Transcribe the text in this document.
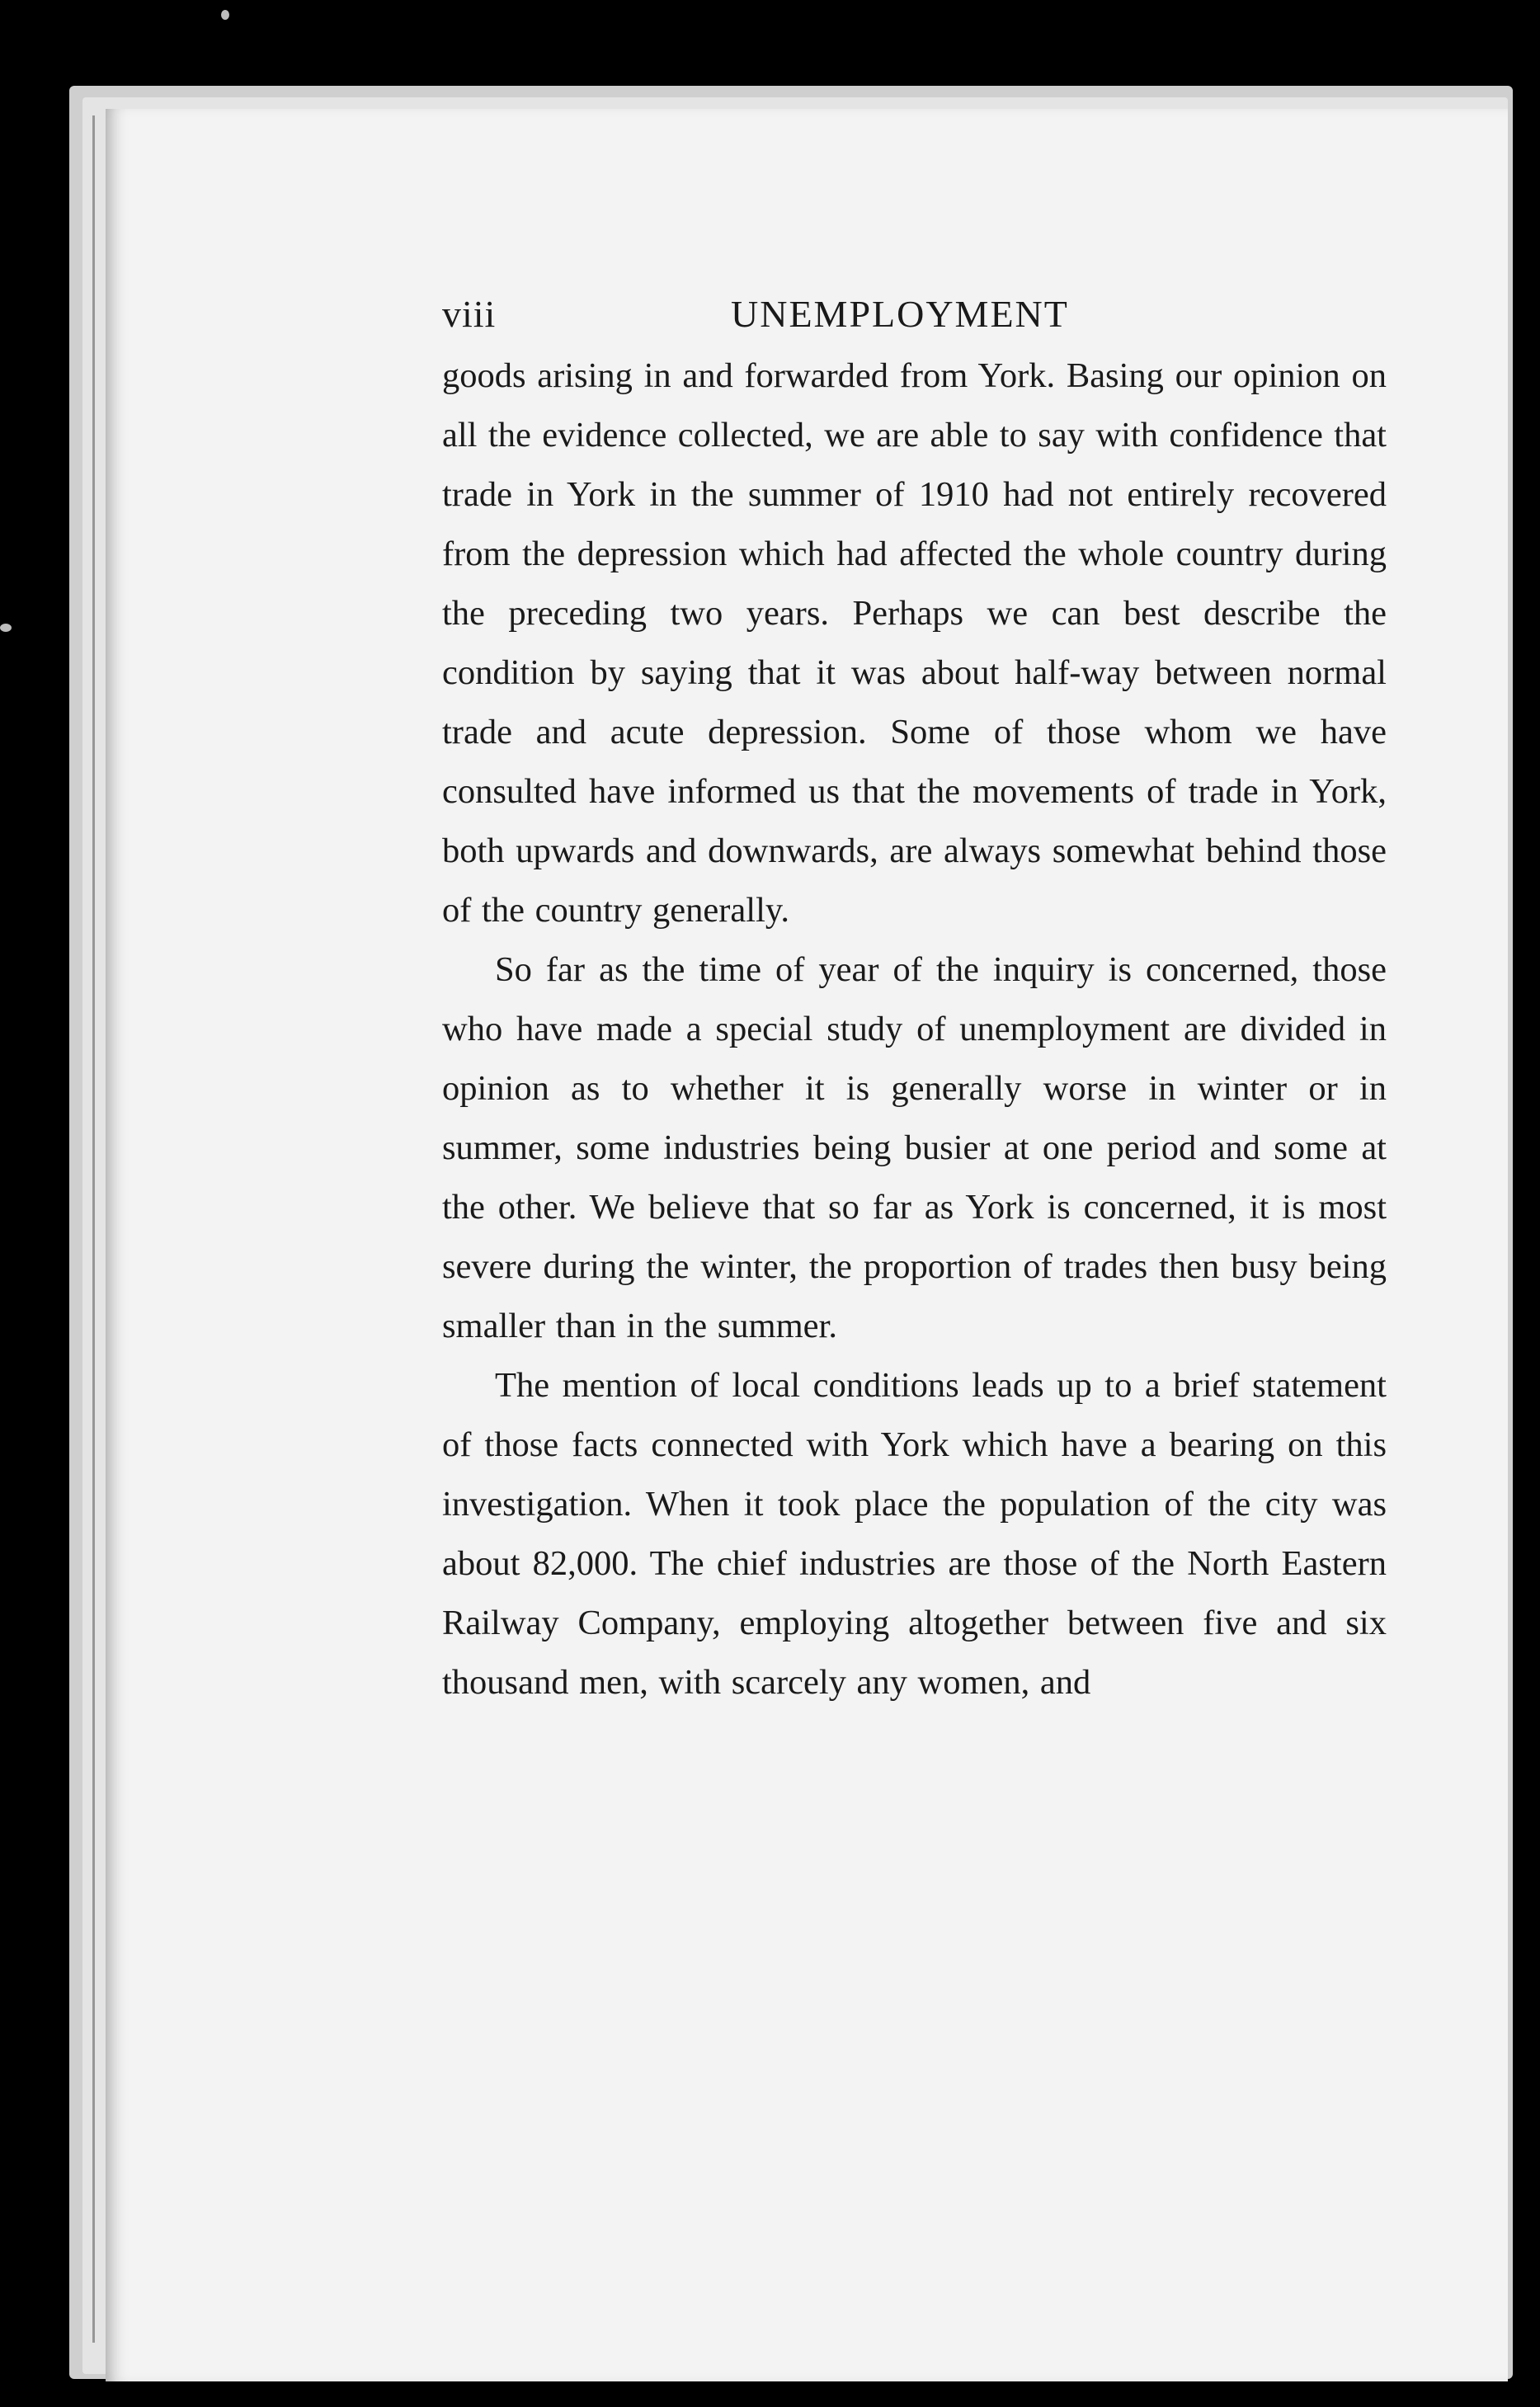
viii	UNEMPLOYMENT

goods arising in and forwarded from York. Basing our opinion on all the evidence collected, we are able to say with confidence that trade in York in the summer of 1910 had not entirely recovered from the depression which had affected the whole country during the preceding two years. Perhaps we can best describe the condition by saying that it was about half-way between normal trade and acute depression. Some of those whom we have consulted have informed us that the movements of trade in York, both upwards and downwards, are always somewhat behind those of the country generally.

So far as the time of year of the inquiry is concerned, those who have made a special study of unemployment are divided in opinion as to whether it is generally worse in winter or in summer, some industries being busier at one period and some at the other. We believe that so far as York is concerned, it is most severe during the winter, the proportion of trades then busy being smaller than in the summer.

The mention of local conditions leads up to a brief statement of those facts connected with York which have a bearing on this investigation. When it took place the population of the city was about 82,000. The chief industries are those of the North Eastern Railway Company, employing altogether between five and six thousand men, with scarcely any women, and
